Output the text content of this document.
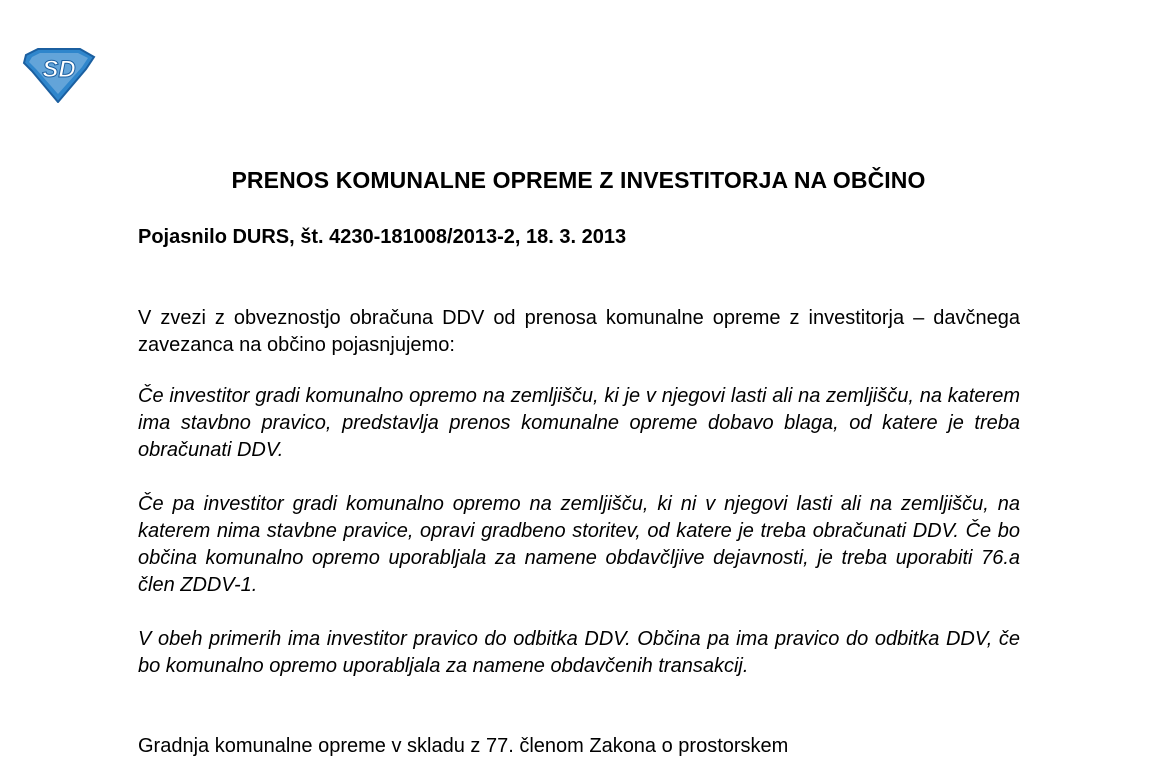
SD
PRENOS KOMUNALNE OPREME Z INVESTITORJA NA OBČINO

Pojasnilo DURS, št. 4230-181008/2013-2, 18. 3. 2013

V zvezi z obveznostjo obračuna DDV od prenosa komunalne opreme z investitorja – davčnega zavezanca na občino pojasnjujemo:

Če investitor gradi komunalno opremo na zemljišču, ki je v njegovi lasti ali na zemljišču, na katerem ima stavbno pravico, predstavlja prenos komunalne opreme dobavo blaga, od katere je treba obračunati DDV.

Če pa investitor gradi komunalno opremo na zemljišču, ki ni v njegovi lasti ali na zemljišču, na katerem nima stavbne pravice, opravi gradbeno storitev, od katere je treba obračunati DDV. Če bo občina komunalno opremo uporabljala za namene obdavčljive dejavnosti, je treba uporabiti 76.a člen ZDDV-1.

V obeh primerih ima investitor pravico do odbitka DDV. Občina pa ima pravico do odbitka DDV, če bo komunalno opremo uporabljala za namene obdavčenih transakcij.

Gradnja komunalne opreme v skladu z 77. členom Zakona o prostorskem
